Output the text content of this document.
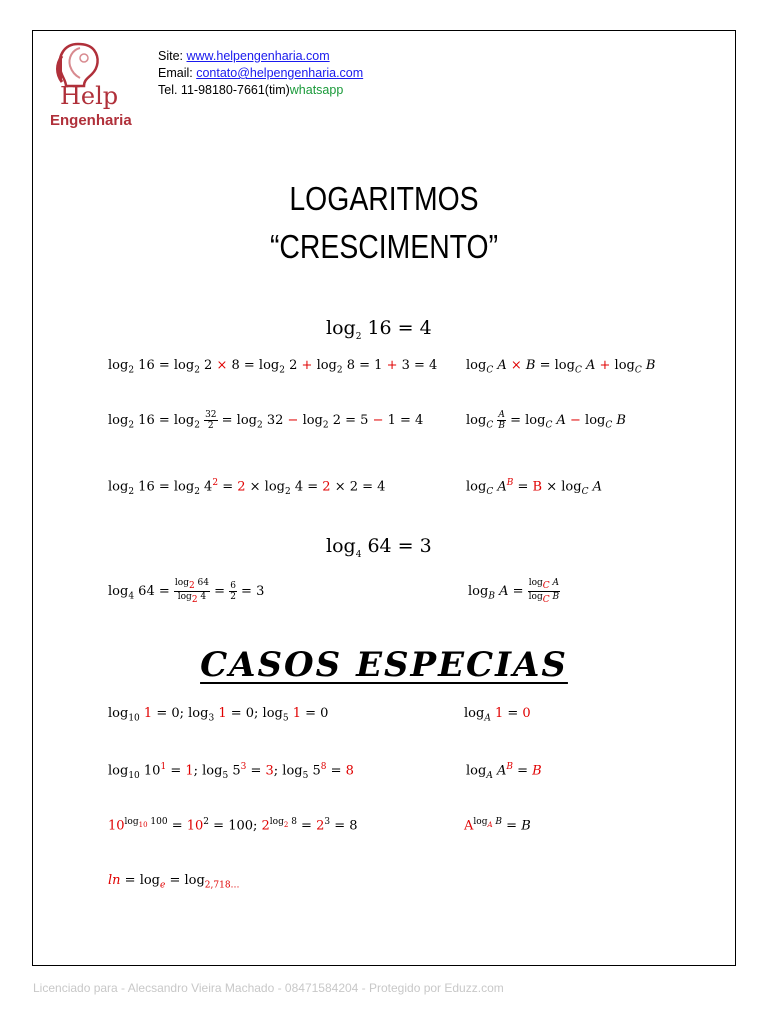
Help
Engenharia
Site: www.helpengenharia.com
Email: contato@helpengenharia.com
Tel. 11-98180-7661(tim)whatsapp
LOGARITMOS
“CRESCIMENTO”
$\log_2 16 = 4$
$\log_2 16 = \log_2 2 \times 8 = \log_2 2 + \log_2 8 = 1 + 3 = 4$ $\log_C A \times B = \log_C A + \log_C B$
$\log_2 16 = \log_2 \frac{32}{2} = \log_2 32 - \log_2 2 = 5 - 1 = 4$	$\log_C \frac{A}{B} = \log_C A - \log_C B$
$\log_2 16 = \log_2 4^2 = 2 \times \log_2 4 = 2 \times 2 = 4$	$\log_C A^B = B \times \log_C A$
$\log_4 64 = 3$
$\log_4 64 = \frac{\log_2 64}{\log_2 4} = \frac{6}{2} = 3$	$\log_B A = \frac{\log_C A}{\log_C B}$
CASOS ESPECIAS
$\log_{10} 1 = 0$; $\log_3 1 = 0$; $\log_5 1 = 0$	$\log_A 1 = 0$
$\log_{10} 10^1 = 1$; $\log_5 5^3 = 3$; $\log_5 5^8 = 8$	$\log_A A^B = B$
$10^{log_{10} 100} = 10^2 = 100$; $2^{log_2 8} = 2^3 = 8$	$A^{log_A B} = B$
$\ln = \log_e = \log_{2,718\dots}$
Licenciado para - Alecsandro Vieira Machado - 08471584204 - Protegido por Eduzz.com
